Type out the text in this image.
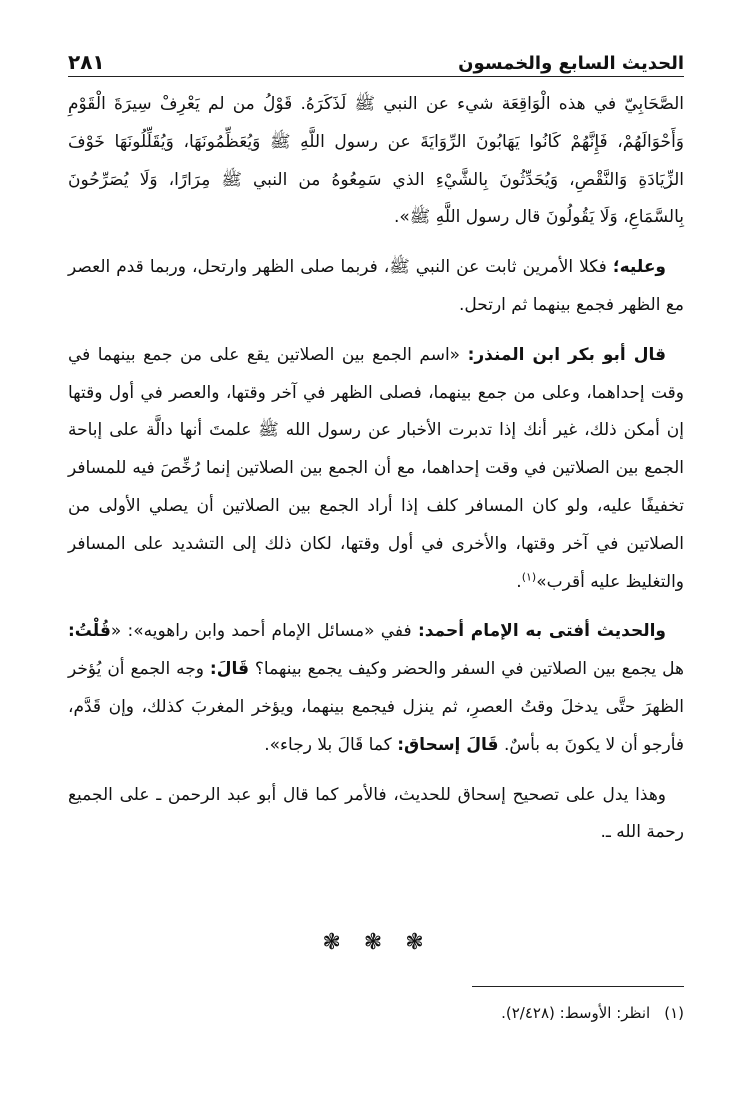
الحديث السابع والخمسون
٢٨١

الصَّحَابِيّ في هذه الْوَاقِعَة شيء عن النبي ﷺ لَذَكَرَهُ. قَوْلُ من لم يَعْرِفْ سِيرَةَ الْقَوْمِ وَأَحْوَالَهُمْ، فَإِنَّهُمْ كَانُوا يَهَابُونَ الرِّوَايَةَ عن رسول اللَّهِ ﷺ وَيُعَظِّمُونَهَا، وَيُقَلِّلُونَهَا خَوْفَ الزِّيَادَةِ وَالنَّقْصِ، وَيُحَدِّثُونَ بِالشَّيْءِ الذي سَمِعُوهُ من النبي ﷺ مِرَارًا، وَلَا يُصَرِّحُونَ بِالسَّمَاعِ، وَلَا يَقُولُونَ قال رسول اللَّهِ ﷺ».

وعليه؛ فكلا الأمرين ثابت عن النبي ﷺ، فربما صلى الظهر وارتحل، وربما قدم العصر مع الظهر فجمع بينهما ثم ارتحل.

قال أبو بكر ابن المنذر: «اسم الجمع بين الصلاتين يقع على من جمع بينهما في وقت إحداهما، وعلى من جمع بينهما، فصلى الظهر في آخر وقتها، والعصر في أول وقتها إن أمكن ذلك، غير أنك إذا تدبرت الأخبار عن رسول الله ﷺ علمتَ أنها دالَّة على إباحة الجمع بين الصلاتين في وقت إحداهما، مع أن الجمع بين الصلاتين إنما رُخِّصَ فيه للمسافر تخفيفًا عليه، ولو كان المسافر كلف إذا أراد الجمع بين الصلاتين أن يصلي الأولى من الصلاتين في آخر وقتها، والأخرى في أول وقتها، لكان ذلك إلى التشديد على المسافر والتغليظ عليه أقرب»$^{(١)}$.

والحديث أفتى به الإمام أحمد: ففي «مسائل الإمام أحمد وابن راهويه»: «قُلْتُ: هل يجمع بين الصلاتين في السفر والحضر وكيف يجمع بينهما؟ قَالَ: وجه الجمع أن يُؤخر الظهرَ حتَّى يدخلَ وقتُ العصرِ، ثم ينزل فيجمع بينهما، ويؤخر المغربَ كذلك، وإن قَدَّم، فأرجو أن لا يكونَ به بأسٌ. قَالَ إسحاق: كما قَالَ بلا رجاء».

وهذا يدل على تصحيح إسحاق للحديث، فالأمر كما قال أبو عبد الرحمن ـ على الجميع رحمة الله ـ.

❃ ❃ ❃
(١)انظر: الأوسط: (٢/٤٢٨).
